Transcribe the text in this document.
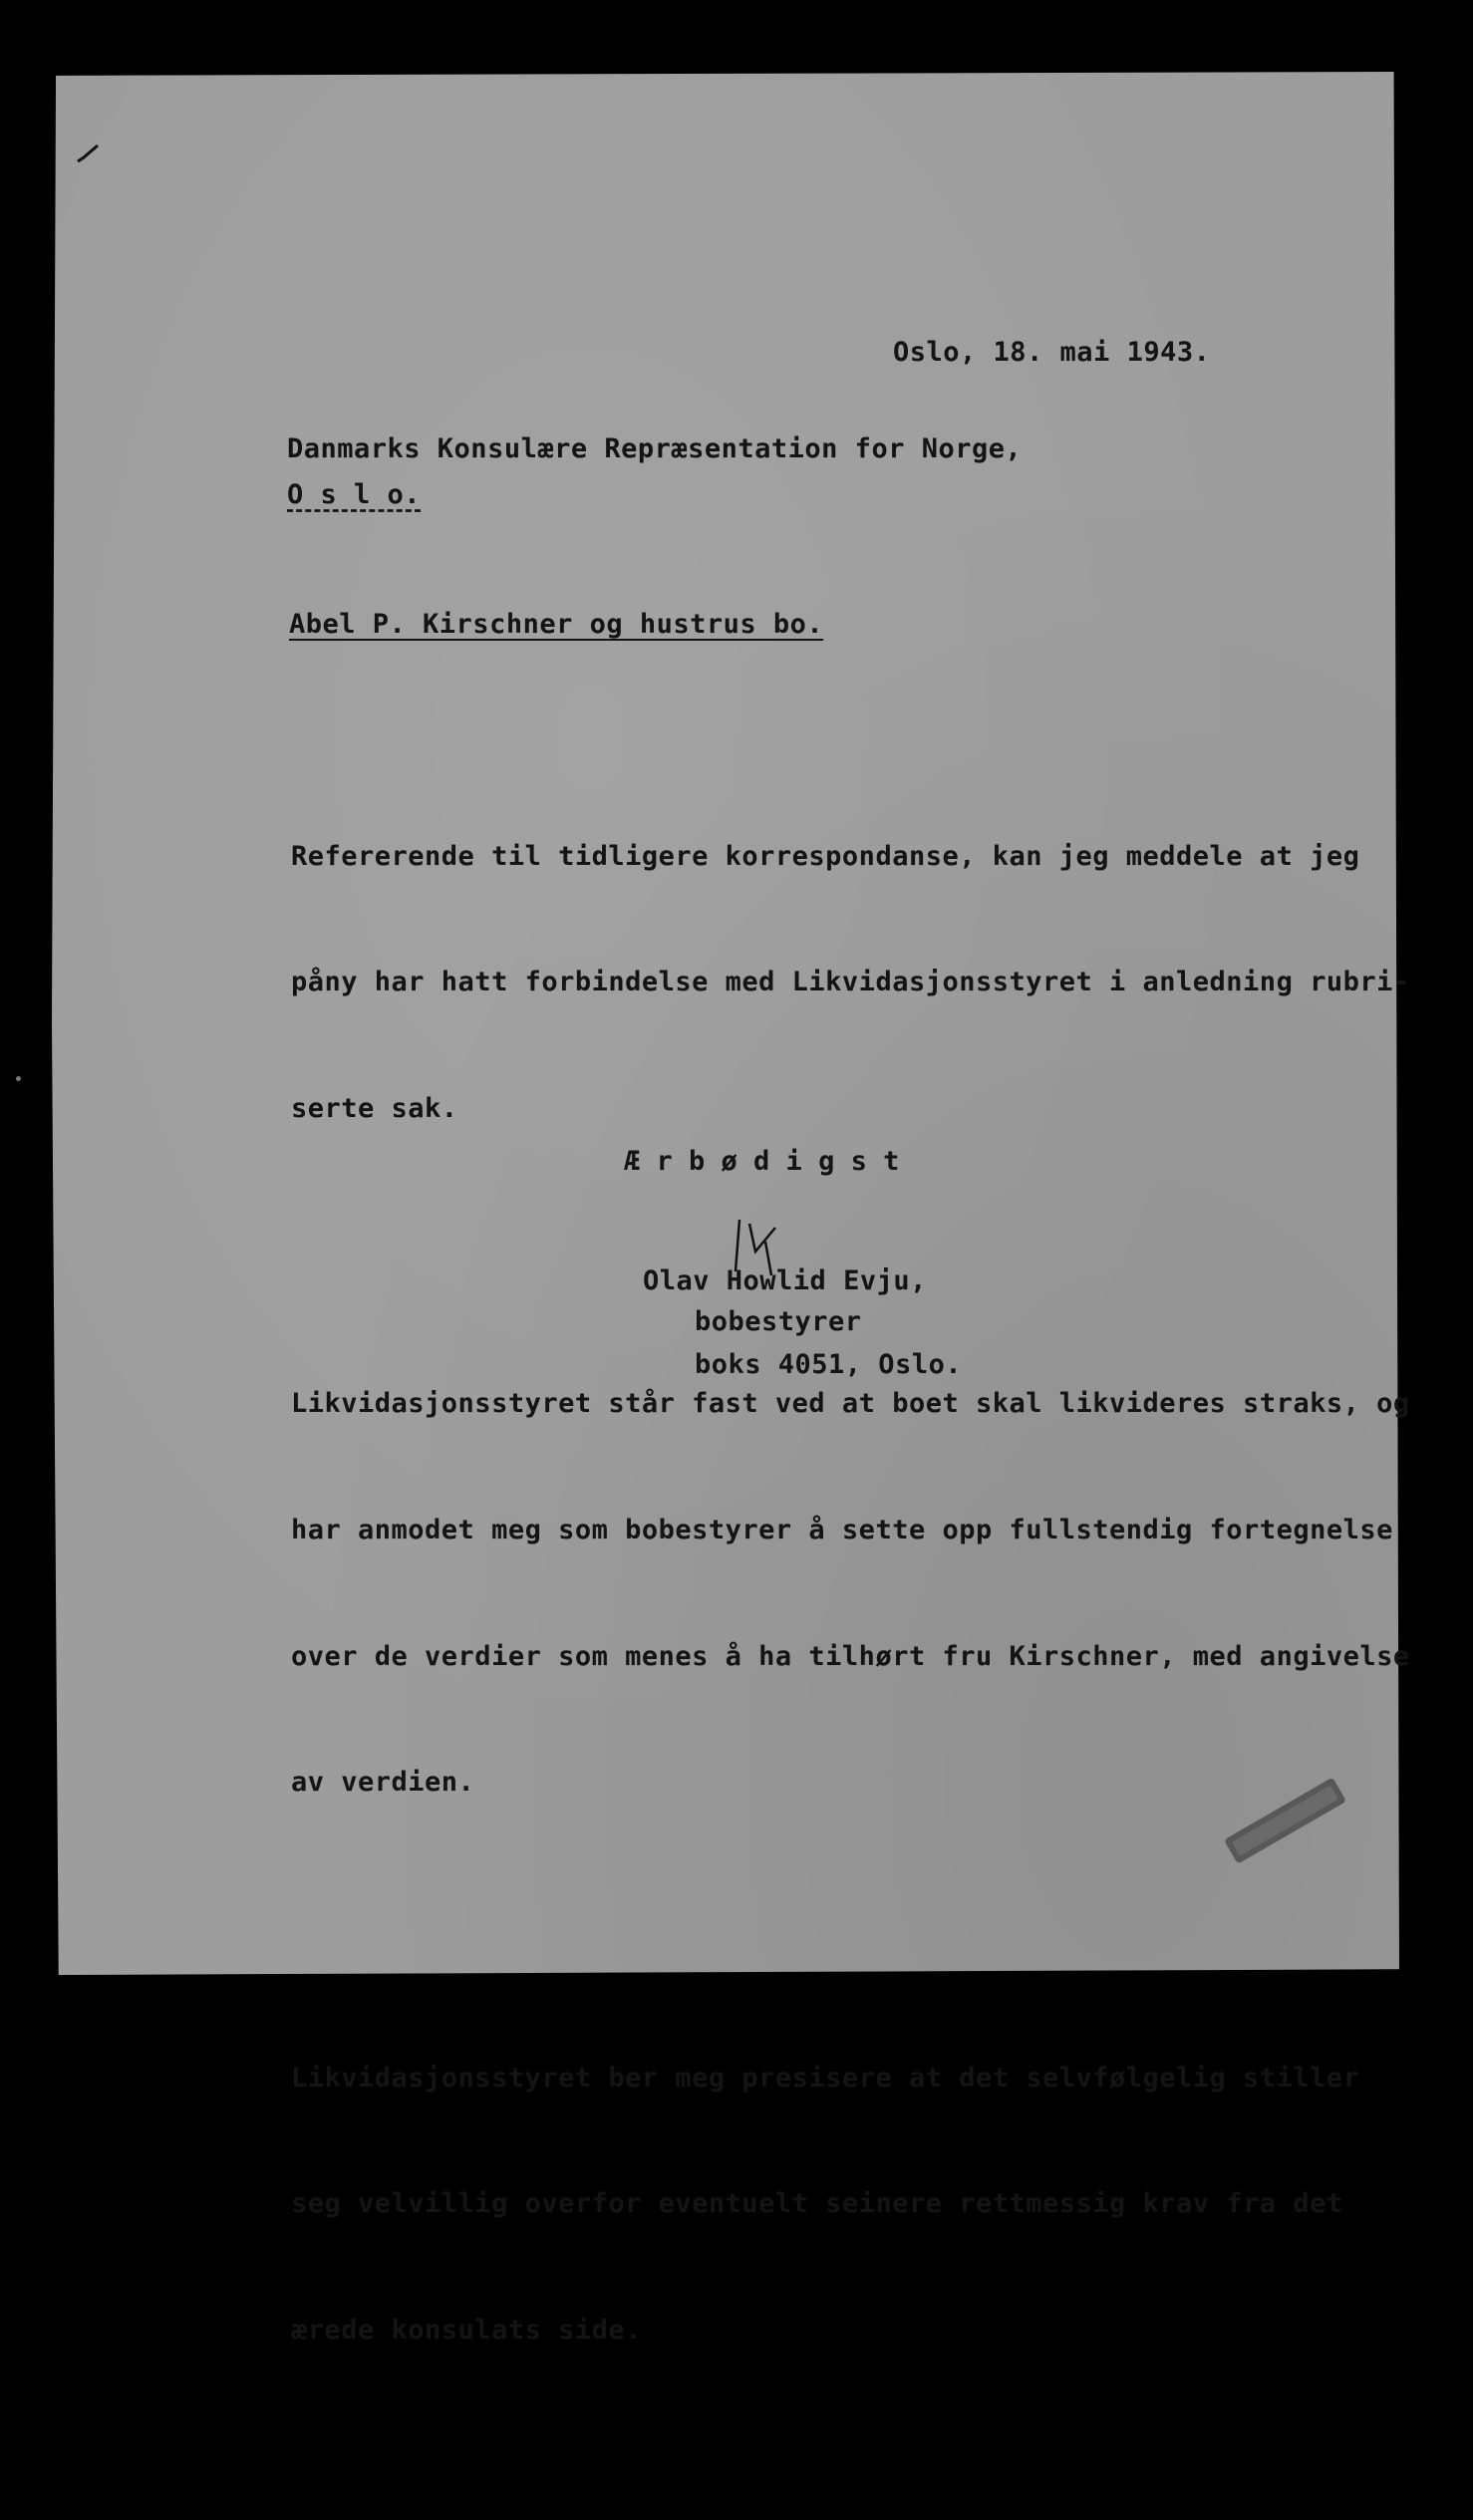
Oslo, 18. mai 1943.
Danmarks Konsulære Repræsentation for Norge,
O s l o.
Abel P. Kirschner og hustrus bo.

Refererende til tidligere korrespondanse, kan jeg meddele at jeg

påny har hatt forbindelse med Likvidasjonsstyret i anledning rubri-

serte sak.

Likvidasjonsstyret står fast ved at boet skal likvideres straks, og

har anmodet meg som bobestyrer å sette opp fullstendig fortegnelse

over de verdier som menes å ha tilhørt fru Kirschner, med angivelse

av verdien.

Likvidasjonsstyret ber meg presisere at det selvfølgelig stiller

seg velvillig overfor eventuelt seinere rettmessig krav fra det

ærede konsulats side.

Æ r b ø d i g s t
Olav Howlid Evju,
bobestyrer
boks 4051, Oslo.
